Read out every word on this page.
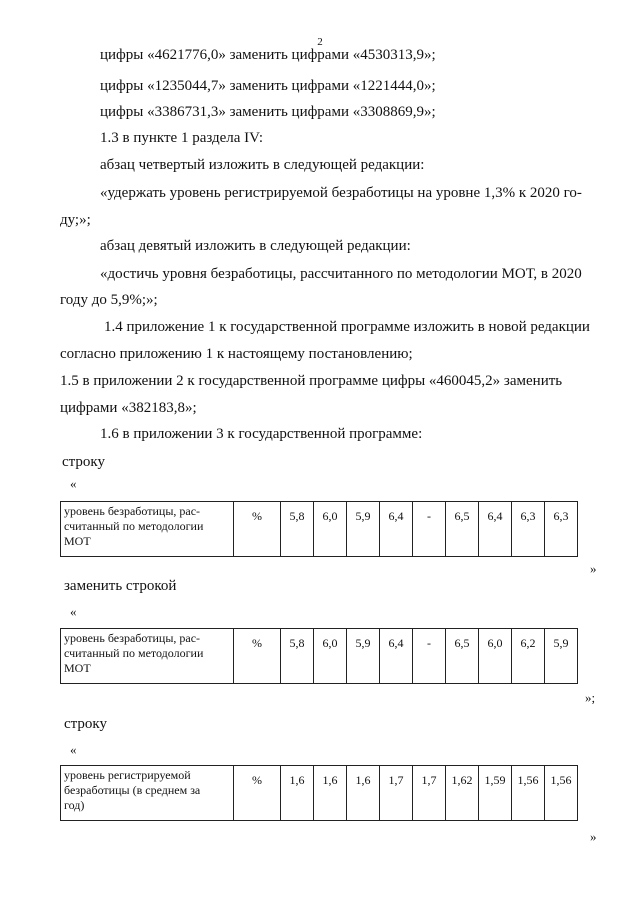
2
цифры «4621776,0» заменить цифрами «4530313,9»;
цифры «1235044,7» заменить цифрами «1221444,0»;
цифры «3386731,3» заменить цифрами «3308869,9»;
1.3 в пункте 1 раздела IV:
абзац четвертый изложить в следующей редакции:
«удержать уровень регистрируемой безработицы на уровне 1,3% к 2020 го-
ду;»;
абзац девятый изложить в следующей редакции:
«достичь уровня безработицы, рассчитанного по методологии МОТ, в 2020
году до 5,9%;»;
1.4 приложение 1 к государственной программе изложить в новой редакции
согласно приложению 1 к настоящему постановлению;
1.5 в приложении 2 к государственной программе цифры «460045,2» заменить
цифрами «382183,8»;
1.6 в приложении 3 к государственной программе:
строку
«
уровень безработицы, рас-
считанный по методологии
МОТ	%	5,8	6,0	5,9	6,4	-	6,5	6,4	6,3	6,3
»
заменить строкой
«
уровень безработицы, рас-
считанный по методологии
МОТ	%	5,8	6,0	5,9	6,4	-	6,5	6,0	6,2	5,9
»;
строку
«
уровень регистрируемой
безработицы (в среднем за
год)	%	1,6	1,6	1,6	1,7	1,7	1,62	1,59	1,56	1,56
»
